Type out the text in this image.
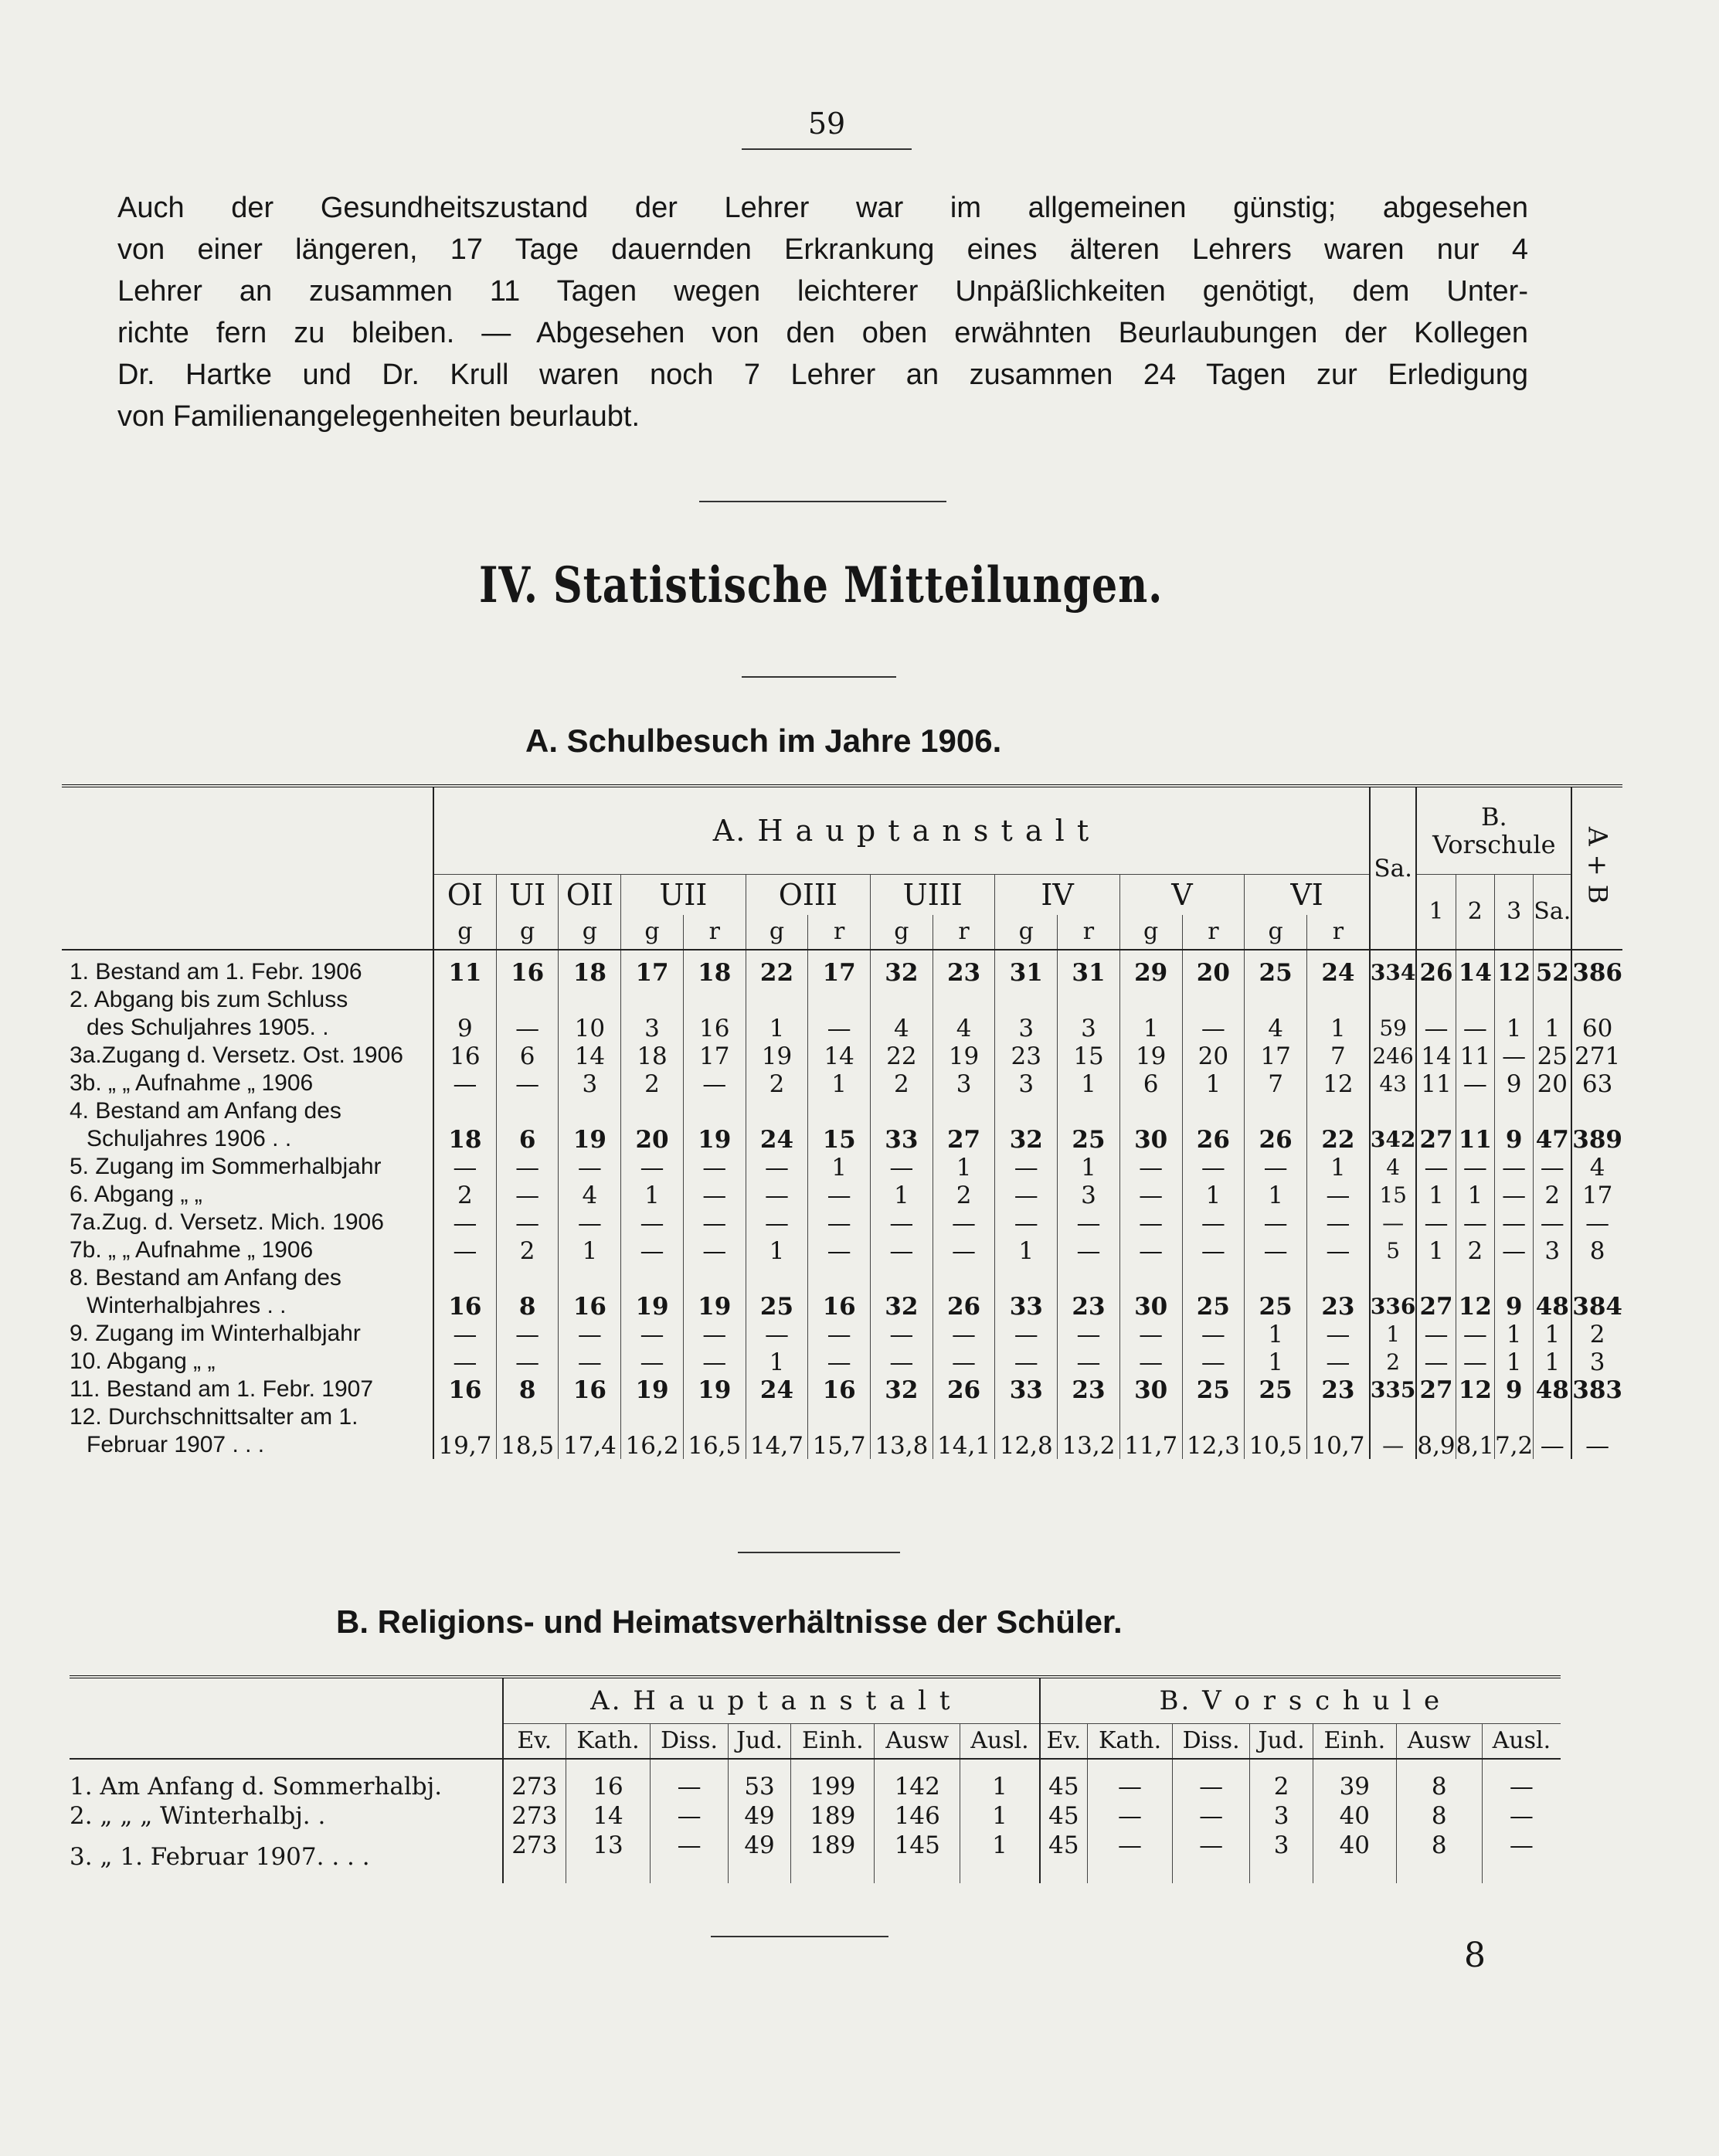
59
Auch der Gesundheitszustand der Lehrer war im allgemeinen günstig; abgesehen
von einer längeren, 17 Tage dauernden Erkrankung eines älteren Lehrers waren nur 4
Lehrer an zusammen 11 Tagen wegen leichterer Unpäßlichkeiten genötigt, dem Unter-
richte fern zu bleiben. — Abgesehen von den oben erwähnten Beurlaubungen der Kollegen
Dr. Hartke und Dr. Krull waren noch 7 Lehrer an zusammen 24 Tagen zur Erledigung
von Familienangelegenheiten beurlaubt.
IV. Statistische Mitteilungen.
A. Schulbesuch im Jahre 1906.
	A. H a u p t a n s t a l t															Sa.	B. Vorschule				A + B
	OI	UI	OII	UII		OIII		UIII		IV		V		VI			1	2	3	Sa.	
	g	g	g	g	r	g	r	g	r	g	r	g	r	g	r						

1. Bestand am 1. Febr. 1906	11	16	18	17	18	22	17	32	23	31	31	29	20	25	24	334	26	14	12	52	386

2. Abgang bis zum Schluss
des Schuljahres 1905. .	9	—	10	3	16	1	—	4	4	3	3	1	—	4	1	59	—	—	1	1	60

3a.Zugang d. Versetz. Ost. 1906	16	6	14	18	17	19	14	22	19	23	15	19	20	17	7	246	14	11	—	25	271

3b. „ „ Aufnahme „ 1906	—	—	3	2	—	2	1	2	3	3	1	6	1	7	12	43	11	—	9	20	63

4. Bestand am Anfang des
Schuljahres 1906 . .	18	6	19	20	19	24	15	33	27	32	25	30	26	26	22	342	27	11	9	47	389

5. Zugang im Sommerhalbjahr	—	—	—	—	—	—	1	—	1	—	1	—	—	—	1	4	—	—	—	—	4

6. Abgang „ „	2	—	4	1	—	—	—	1	2	—	3	—	1	1	—	15	1	1	—	2	17

7a.Zug. d. Versetz. Mich. 1906	—	—	—	—	—	—	—	—	—	—	—	—	—	—	—	—	—	—	—	—	—

7b. „ „ Aufnahme „ 1906	—	2	1	—	—	1	—	—	—	1	—	—	—	—	—	5	1	2	—	3	8

8. Bestand am Anfang des
Winterhalbjahres . .	16	8	16	19	19	25	16	32	26	33	23	30	25	25	23	336	27	12	9	48	384

9. Zugang im Winterhalbjahr	—	—	—	—	—	—	—	—	—	—	—	—	—	1	—	1	—	—	1	1	2

10. Abgang „ „	—	—	—	—	—	1	—	—	—	—	—	—	—	1	—	2	—	—	1	1	3

11. Bestand am 1. Febr. 1907	16	8	16	19	19	24	16	32	26	33	23	30	25	25	23	335	27	12	9	48	383

12. Durchschnittsalter am 1.
Februar 1907 . . .	19,7	18,5	17,4	16,2	16,5	14,7	15,7	13,8	14,1	12,8	13,2	11,7	12,3	10,5	10,7	—	8,9	8,1	7,2	—	—
B. Religions- und Heimatsverhältnisse der Schüler.
	A. H a u p t a n s t a l t							B. V o r s c h u l e						
	Ev.	Kath.	Diss.	Jud.	Einh.	Ausw	Ausl.	Ev.	Kath.	Diss.	Jud.	Einh.	Ausw	Ausl.
1. Am Anfang d. Sommerhalbj.	273	16	—	53	199	142	1	45	—	—	2	39	8	—
2. „ „ „ Winterhalbj. .	273	14	—	49	189	146	1	45	—	—	3	40	8	—
3. „ 1. Februar 1907. . . .	273	13	—	49	189	145	1	45	—	—	3	40	8	—
8
